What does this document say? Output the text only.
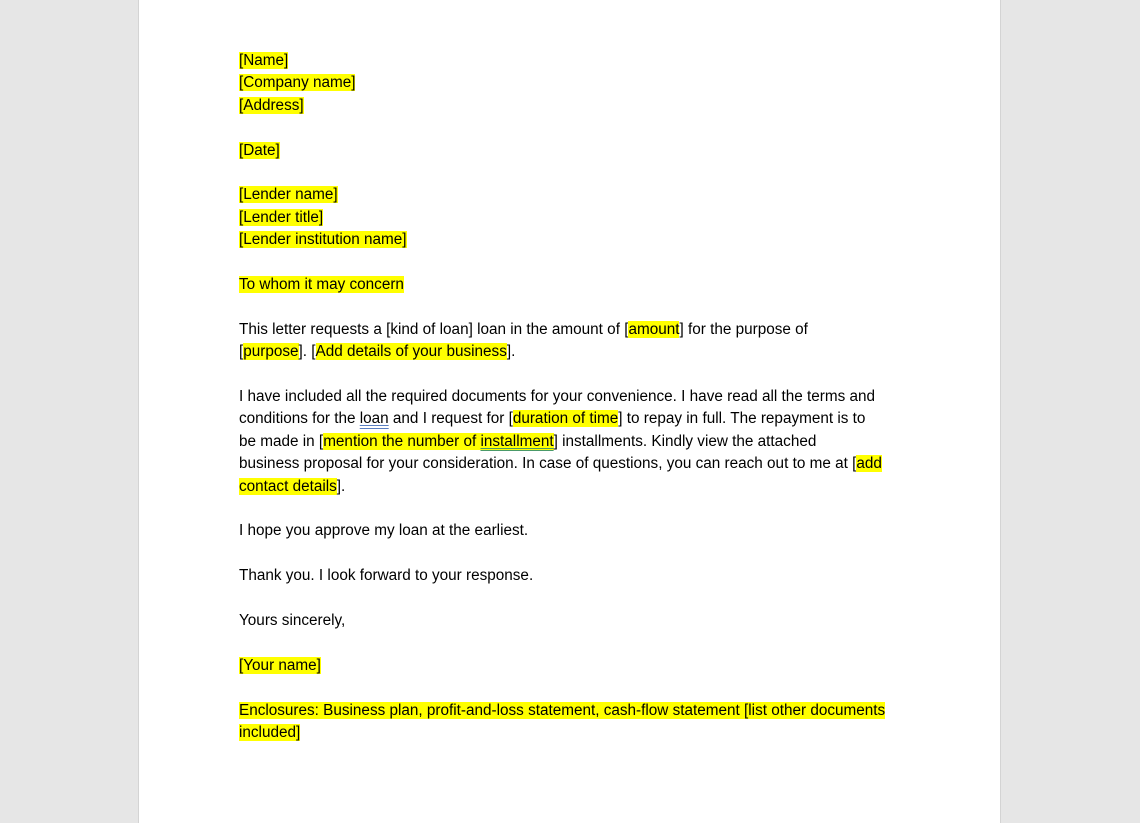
[Name]
[Company name]
[Address]
[Date]
[Lender name]
[Lender title]
[Lender institution name]
To whom it may concern
This letter requests a [kind of loan] loan in the amount of [amount] for the purpose of
[purpose]. [Add details of your business].
I have included all the required documents for your convenience. I have read all the terms and
conditions for the loan and I request for [duration of time] to repay in full. The repayment is to
be made in [mention the number of installment] installments. Kindly view the attached
business proposal for your consideration. In case of questions, you can reach out to me at [add
contact details].
I hope you approve my loan at the earliest.
Thank you. I look forward to your response.
Yours sincerely,
[Your name]
Enclosures: Business plan, profit-and-loss statement, cash-flow statement [list other documents
included]
